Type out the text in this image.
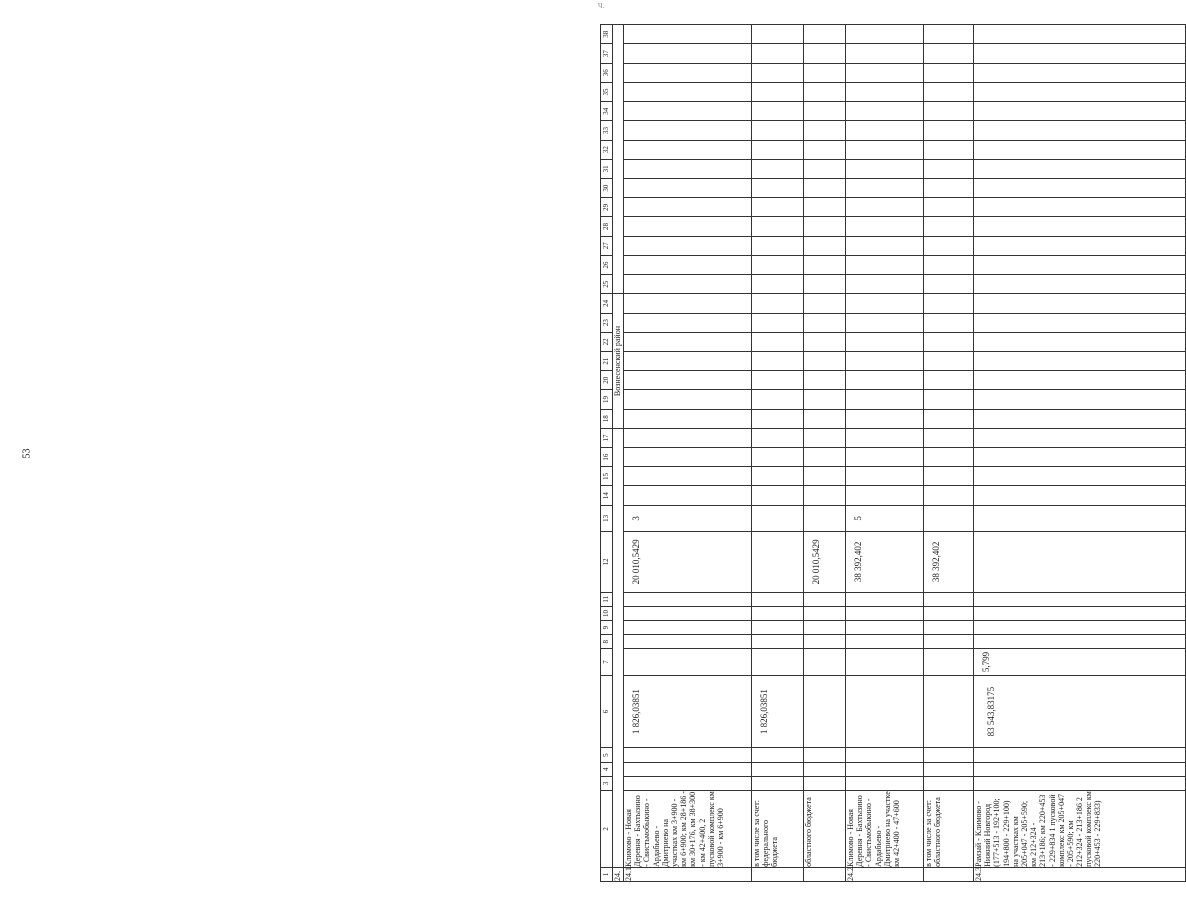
53
Ч.
1	2	3	4	5	6	7	8	9	10	11	12	13	14	15	16	17	18	19	20	21	22	23	24	25	26	27	28	29	30	31	32	33	34	35	36	37	38
24.																	Вознесенский район																				
24.1.	Климово - Новая Деревня - Бахтызино - Свистьмобыкино - Ардабьево - Дмитриево на участках км 3+900 - км 6+900; км 28+186 - км 30+176, км 38+300 - км 42+400, 2 пусковой комплекс км 3+900 - км 6+900				1 826,03851						20 010,5429	3																									

	в том числе за счет: федерального бюджета				1 826,03851																																

	областного бюджета										20 010,5429																										

24.2.	Климово - Новая Деревня - Бахтызино - Свистьмобыкино - Ардабьево - Дмитриево на участке км 42+400 - 47+600										38 392,402	5																									

	в том числе за счет: областного бюджета										38 392,402																										

24.3.	Рамзай - Климово - Нижний Новгород (177+513 - 192+100; 194+800 - 229+100) на участках км 205+047 - 205+590; км 212+324 - 213+186; км 220+453 - 229+834 1 пусковой комплекс км 205+047 - 205+590; км 212+324 - 213+186 2 пусковой комплекс км 220+453 - 229+833)				83 543,83175	5,799																															
